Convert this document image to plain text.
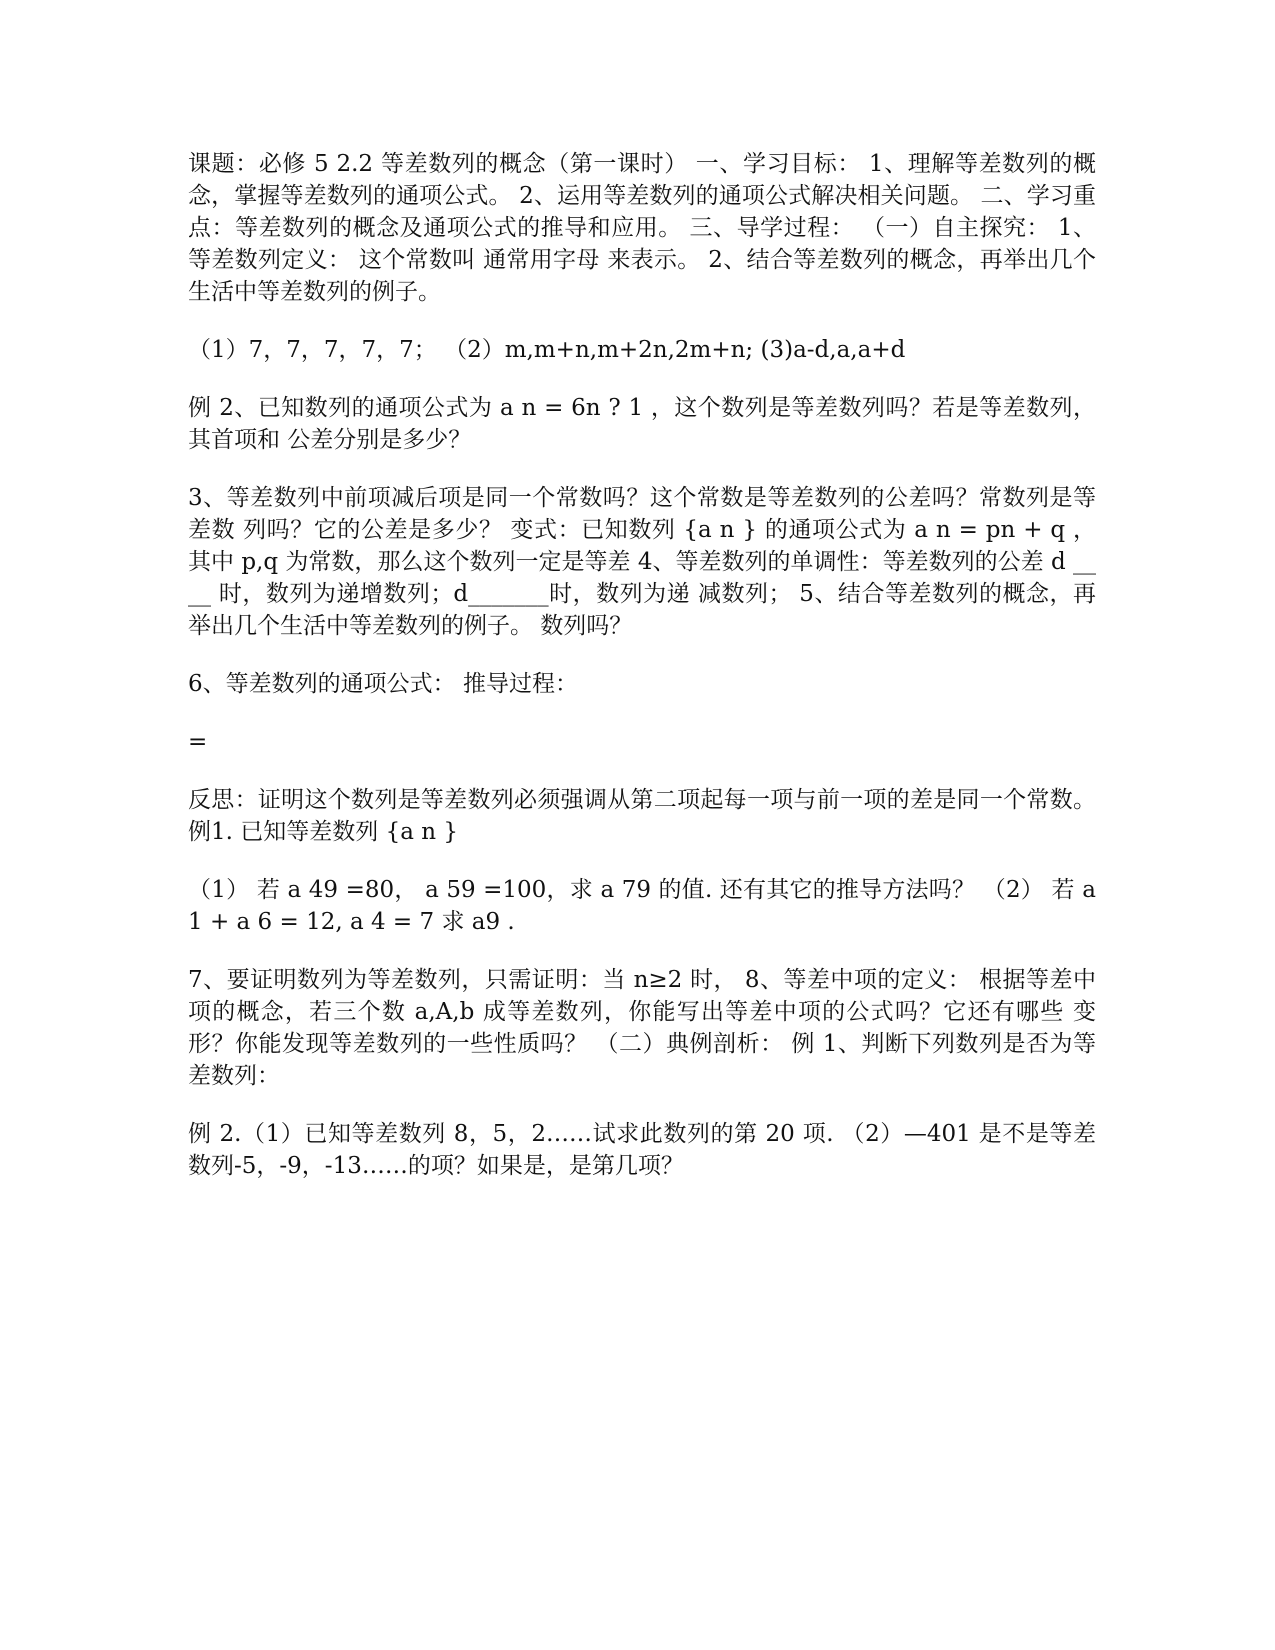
课题：必修 5 2.2 等差数列的概念（第一课时） 一、学习目标： 1、理解等差数列的概念，掌握等差数列的通项公式。 2、运用等差数列的通项公式解决相关问题。 二、学习重点：等差数列的概念及通项公式的推导和应用。 三、导学过程： （一）自主探究： 1、等差数列定义： 这个常数叫 通常用字母 来表示。 2、结合等差数列的概念，再举出几个生活中等差数列的例子。

（1）7，7，7，7，7； （2）m,m+n,m+2n,2m+n; (3)a-d,a,a+d

例 2、已知数列的通项公式为 a n = 6n ? 1 ，这个数列是等差数列吗？若是等差数列，其首项和 公差分别是多少？

3、等差数列中前项减后项是同一个常数吗？这个常数是等差数列的公差吗？常数列是等差数 列吗？它的公差是多少？ 变式：已知数列 {a n } 的通项公式为 a n = pn + q ，其中 p,q 为常数，那么这个数列一定是等差 4、等差数列的单调性：等差数列的公差 d ____ 时，数列为递增数列；d_______时，数列为递 减数列； 5、结合等差数列的概念，再举出几个生活中等差数列的例子。 数列吗？

6、等差数列的通项公式： 推导过程：

=

反思：证明这个数列是等差数列必须强调从第二项起每一项与前一项的差是同一个常数。 例1. 已知等差数列 {a n }

（1） 若 a 49 =80， a 59 =100，求 a 79 的值. 还有其它的推导方法吗？ （2） 若 a1 + a 6 = 12, a 4 = 7 求 a9 .

7、要证明数列为等差数列，只需证明：当 n≥2 时， 8、等差中项的定义： 根据等差中项的概念，若三个数 a,A,b 成等差数列，你能写出等差中项的公式吗？它还有哪些 变形？你能发现等差数列的一些性质吗？ （二）典例剖析： 例 1、判断下列数列是否为等差数列：

例 2.（1）已知等差数列 8，5，2……试求此数列的第 20 项. （2）—401 是不是等差数列-5，-9，-13……的项？如果是，是第几项？
